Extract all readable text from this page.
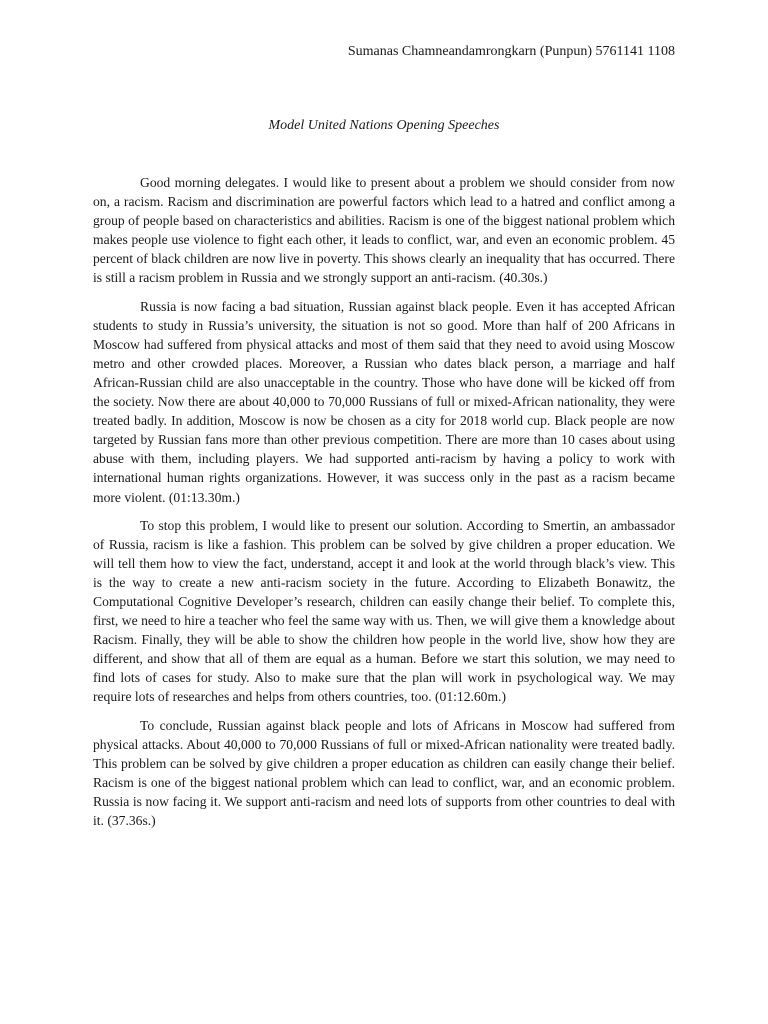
Sumanas Chamneandamrongkarn (Punpun) 5761141 1108
Model United Nations Opening Speeches

Good morning delegates. I would like to present about a problem we should consider from now on, a racism. Racism and discrimination are powerful factors which lead to a hatred and conflict among a group of people based on characteristics and abilities. Racism is one of the biggest national problem which makes people use violence to fight each other, it leads to conflict, war, and even an economic problem. 45 percent of black children are now live in poverty. This shows clearly an inequality that has occurred. There is still a racism problem in Russia and we strongly support an anti-racism. (40.30s.)

Russia is now facing a bad situation, Russian against black people. Even it has accepted African students to study in Russia’s university, the situation is not so good. More than half of 200 Africans in Moscow had suffered from physical attacks and most of them said that they need to avoid using Moscow metro and other crowded places. Moreover, a Russian who dates black person, a marriage and half African-Russian child are also unacceptable in the country. Those who have done will be kicked off from the society. Now there are about 40,000 to 70,000 Russians of full or mixed-African nationality, they were treated badly. In addition, Moscow is now be chosen as a city for 2018 world cup. Black people are now targeted by Russian fans more than other previous competition. There are more than 10 cases about using abuse with them, including players. We had supported anti-racism by having a policy to work with international human rights organizations. However, it was success only in the past as a racism became more violent. (01:13.30m.)

To stop this problem, I would like to present our solution. According to Smertin, an ambassador of Russia, racism is like a fashion. This problem can be solved by give children a proper education. We will tell them how to view the fact, understand, accept it and look at the world through black’s view. This is the way to create a new anti-racism society in the future. According to Elizabeth Bonawitz, the Computational Cognitive Developer’s research, children can easily change their belief. To complete this, first, we need to hire a teacher who feel the same way with us. Then, we will give them a knowledge about Racism. Finally, they will be able to show the children how people in the world live, show how they are different, and show that all of them are equal as a human. Before we start this solution, we may need to find lots of cases for study. Also to make sure that the plan will work in psychological way. We may require lots of researches and helps from others countries, too. (01:12.60m.)

To conclude, Russian against black people and lots of Africans in Moscow had suffered from physical attacks. About 40,000 to 70,000 Russians of full or mixed-African nationality were treated badly. This problem can be solved by give children a proper education as children can easily change their belief. Racism is one of the biggest national problem which can lead to conflict, war, and an economic problem. Russia is now facing it. We support anti-racism and need lots of supports from other countries to deal with it. (37.36s.)
